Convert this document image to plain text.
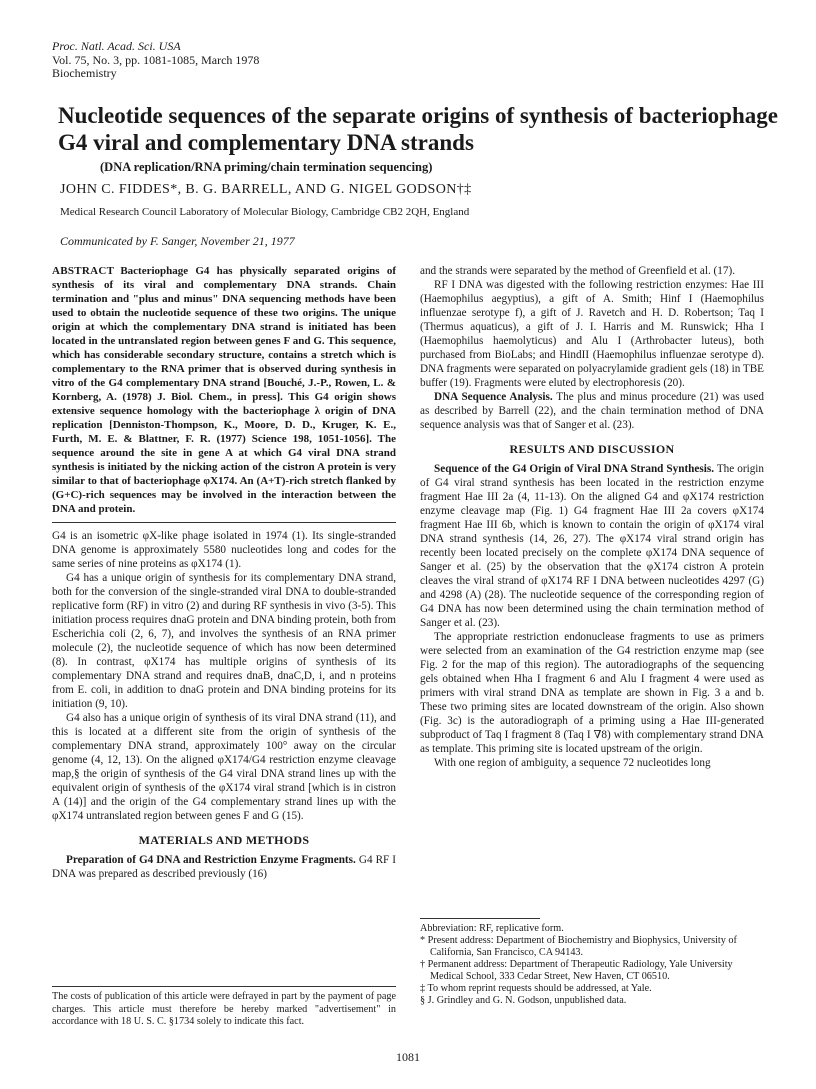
Proc. Natl. Acad. Sci. USA
Vol. 75, No. 3, pp. 1081-1085, March 1978
Biochemistry
Nucleotide sequences of the separate origins of synthesis of bacteriophage G4 viral and complementary DNA strands
(DNA replication/RNA priming/chain termination sequencing)
JOHN C. FIDDES*, B. G. BARRELL, AND G. NIGEL GODSON†‡
Medical Research Council Laboratory of Molecular Biology, Cambridge CB2 2QH, England
Communicated by F. Sanger, November 21, 1977

ABSTRACT Bacteriophage G4 has physically separated origins of synthesis of its viral and complementary DNA strands. Chain termination and "plus and minus" DNA sequencing methods have been used to obtain the nucleotide sequence of these two origins. The unique origin at which the complementary DNA strand is initiated has been located in the untranslated region between genes F and G. This sequence, which has considerable secondary structure, contains a stretch which is complementary to the RNA primer that is observed during synthesis in vitro of the G4 complementary DNA strand [Bouché, J.-P., Rowen, L. & Kornberg, A. (1978) J. Biol. Chem., in press]. This G4 origin shows extensive sequence homology with the bacteriophage λ origin of DNA replication [Denniston-Thompson, K., Moore, D. D., Kruger, K. E., Furth, M. E. & Blattner, F. R. (1977) Science 198, 1051-1056]. The sequence around the site in gene A at which G4 viral DNA strand synthesis is initiated by the nicking action of the cistron A protein is very similar to that of bacteriophage φX174. An (A+T)-rich stretch flanked by (G+C)-rich sequences may be involved in the interaction between the DNA and protein.

G4 is an isometric φX-like phage isolated in 1974 (1). Its single-stranded DNA genome is approximately 5580 nucleotides long and codes for the same series of nine proteins as φX174 (1).

G4 has a unique origin of synthesis for its complementary DNA strand, both for the conversion of the single-stranded viral DNA to double-stranded replicative form (RF) in vitro (2) and during RF synthesis in vivo (3-5). This initiation process requires dnaG protein and DNA binding protein, both from Escherichia coli (2, 6, 7), and involves the synthesis of an RNA primer molecule (2), the nucleotide sequence of which has now been determined (8). In contrast, φX174 has multiple origins of synthesis of its complementary DNA strand and requires dnaB, dnaC,D, i, and n proteins from E. coli, in addition to dnaG protein and DNA binding proteins for its initiation (9, 10).

G4 also has a unique origin of synthesis of its viral DNA strand (11), and this is located at a different site from the origin of synthesis of the complementary DNA strand, approximately 100° away on the circular genome (4, 12, 13). On the aligned φX174/G4 restriction enzyme cleavage map,§ the origin of synthesis of the G4 viral DNA strand lines up with the equivalent origin of synthesis of the φX174 viral strand [which is in cistron A (14)] and the origin of the G4 complementary strand lines up with the φX174 untranslated region between genes F and G (15).

MATERIALS AND METHODS

Preparation of G4 DNA and Restriction Enzyme Fragments. G4 RF I DNA was prepared as described previously (16)

The costs of publication of this article were defrayed in part by the payment of page charges. This article must therefore be hereby marked "advertisement" in accordance with 18 U. S. C. §1734 solely to indicate this fact.

and the strands were separated by the method of Greenfield et al. (17).

RF I DNA was digested with the following restriction enzymes: Hae III (Haemophilus aegyptius), a gift of A. Smith; Hinf I (Haemophilus influenzae serotype f), a gift of J. Ravetch and H. D. Robertson; Taq I (Thermus aquaticus), a gift of J. I. Harris and M. Runswick; Hha I (Haemophilus haemolyticus) and Alu I (Arthrobacter luteus), both purchased from BioLabs; and HindII (Haemophilus influenzae serotype d). DNA fragments were separated on polyacrylamide gradient gels (18) in TBE buffer (19). Fragments were eluted by electrophoresis (20).

DNA Sequence Analysis. The plus and minus procedure (21) was used as described by Barrell (22), and the chain termination method of DNA sequence analysis was that of Sanger et al. (23).

RESULTS AND DISCUSSION

Sequence of the G4 Origin of Viral DNA Strand Synthesis. The origin of G4 viral strand synthesis has been located in the restriction enzyme fragment Hae III 2a (4, 11-13). On the aligned G4 and φX174 restriction enzyme cleavage map (Fig. 1) G4 fragment Hae III 2a covers φX174 fragment Hae III 6b, which is known to contain the origin of φX174 viral DNA strand synthesis (14, 26, 27). The φX174 viral strand origin has recently been located precisely on the complete φX174 DNA sequence of Sanger et al. (25) by the observation that the φX174 cistron A protein cleaves the viral strand of φX174 RF I DNA between nucleotides 4297 (G) and 4298 (A) (28). The nucleotide sequence of the corresponding region of G4 DNA has now been determined using the chain termination method of Sanger et al. (23).

The appropriate restriction endonuclease fragments to use as primers were selected from an examination of the G4 restriction enzyme map (see Fig. 2 for the map of this region). The autoradiographs of the sequencing gels obtained when Hha I fragment 6 and Alu I fragment 4 were used as primers with viral strand DNA as template are shown in Fig. 3 a and b. These two priming sites are located downstream of the origin. Also shown (Fig. 3c) is the autoradiograph of a priming using a Hae III-generated subproduct of Taq I fragment 8 (Taq I ∇8) with complementary strand DNA as template. This priming site is located upstream of the origin.

With one region of ambiguity, a sequence 72 nucleotides long

Abbreviation: RF, replicative form.

* Present address: Department of Biochemistry and Biophysics, University of California, San Francisco, CA 94143.

† Permanent address: Department of Therapeutic Radiology, Yale University Medical School, 333 Cedar Street, New Haven, CT 06510.

‡ To whom reprint requests should be addressed, at Yale.

§ J. Grindley and G. N. Godson, unpublished data.

1081
